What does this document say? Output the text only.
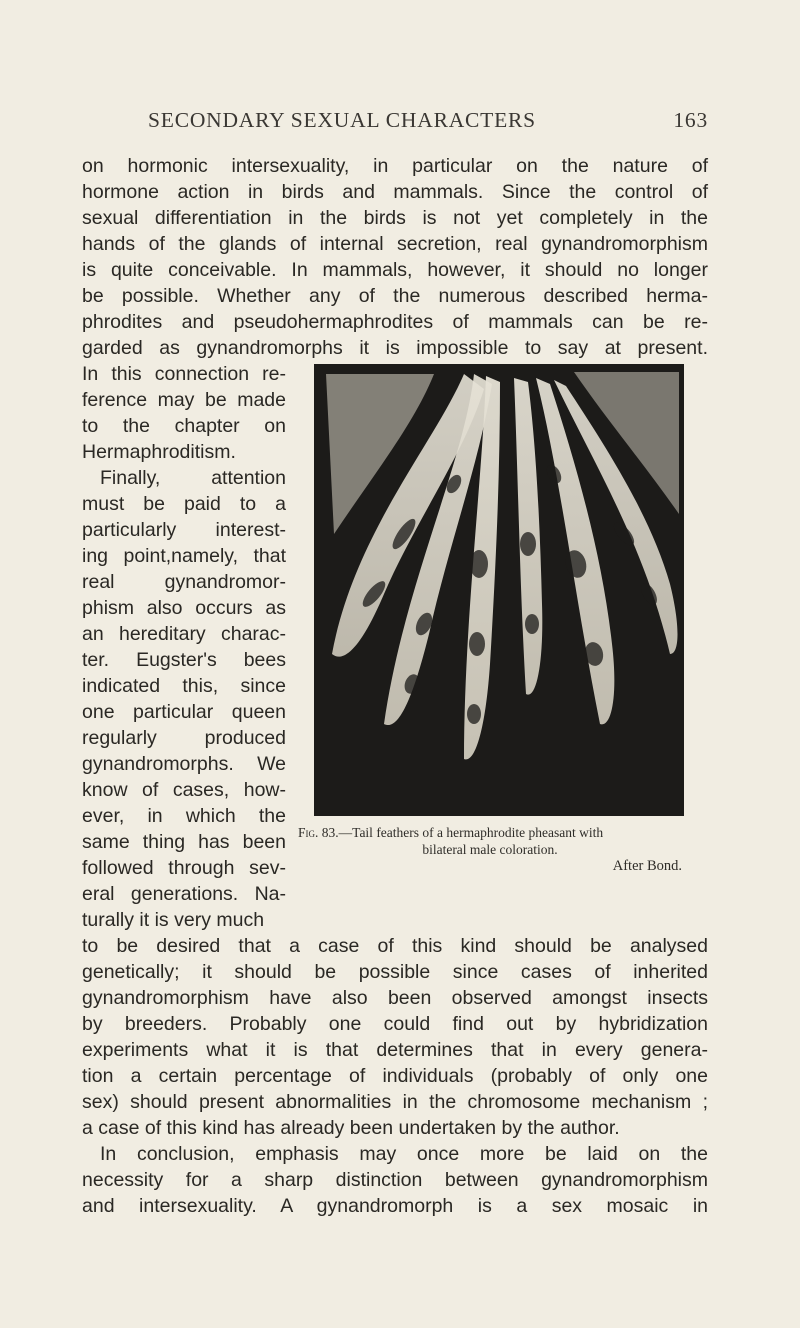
SECONDARY SEXUAL CHARACTERS	163
on hormonic intersexuality, in particular on the nature of
hormone action in birds and mammals. Since the control of
sexual differentiation in the birds is not yet completely in the
hands of the glands of internal secretion, real gynandromorphism
is quite conceivable. In mammals, however, it should no longer
be possible. Whether any of the numerous described herma-
phrodites and pseudohermaphrodites of mammals can be re-
garded as gynandromorphs it is impossible to say at present.
In this connection re-
ference may be made
to the chapter on
Hermaphroditism.
Finally, attention
must be paid to a
particularly interest-
ing point,namely, that
real gynandromor-
phism also occurs as
an hereditary charac-
ter. Eugster's bees
indicated this, since
one particular queen
regularly produced
gynandromorphs. We
know of cases, how-
ever, in which the
same thing has been
followed through sev-
eral generations. Na-
turally it is very much
Fig. 83.—Tail feathers of a hermaphrodite pheasant with
bilateral male coloration.
After Bond.
to be desired that a case of this kind should be analysed
genetically; it should be possible since cases of inherited
gynandromorphism have also been observed amongst insects
by breeders. Probably one could find out by hybridization
experiments what it is that determines that in every genera-
tion a certain percentage of individuals (probably of only one
sex) should present abnormalities in the chromosome mechanism ;
a case of this kind has already been undertaken by the author.
In conclusion, emphasis may once more be laid on the
necessity for a sharp distinction between gynandromorphism
and intersexuality. A gynandromorph is a sex mosaic in
